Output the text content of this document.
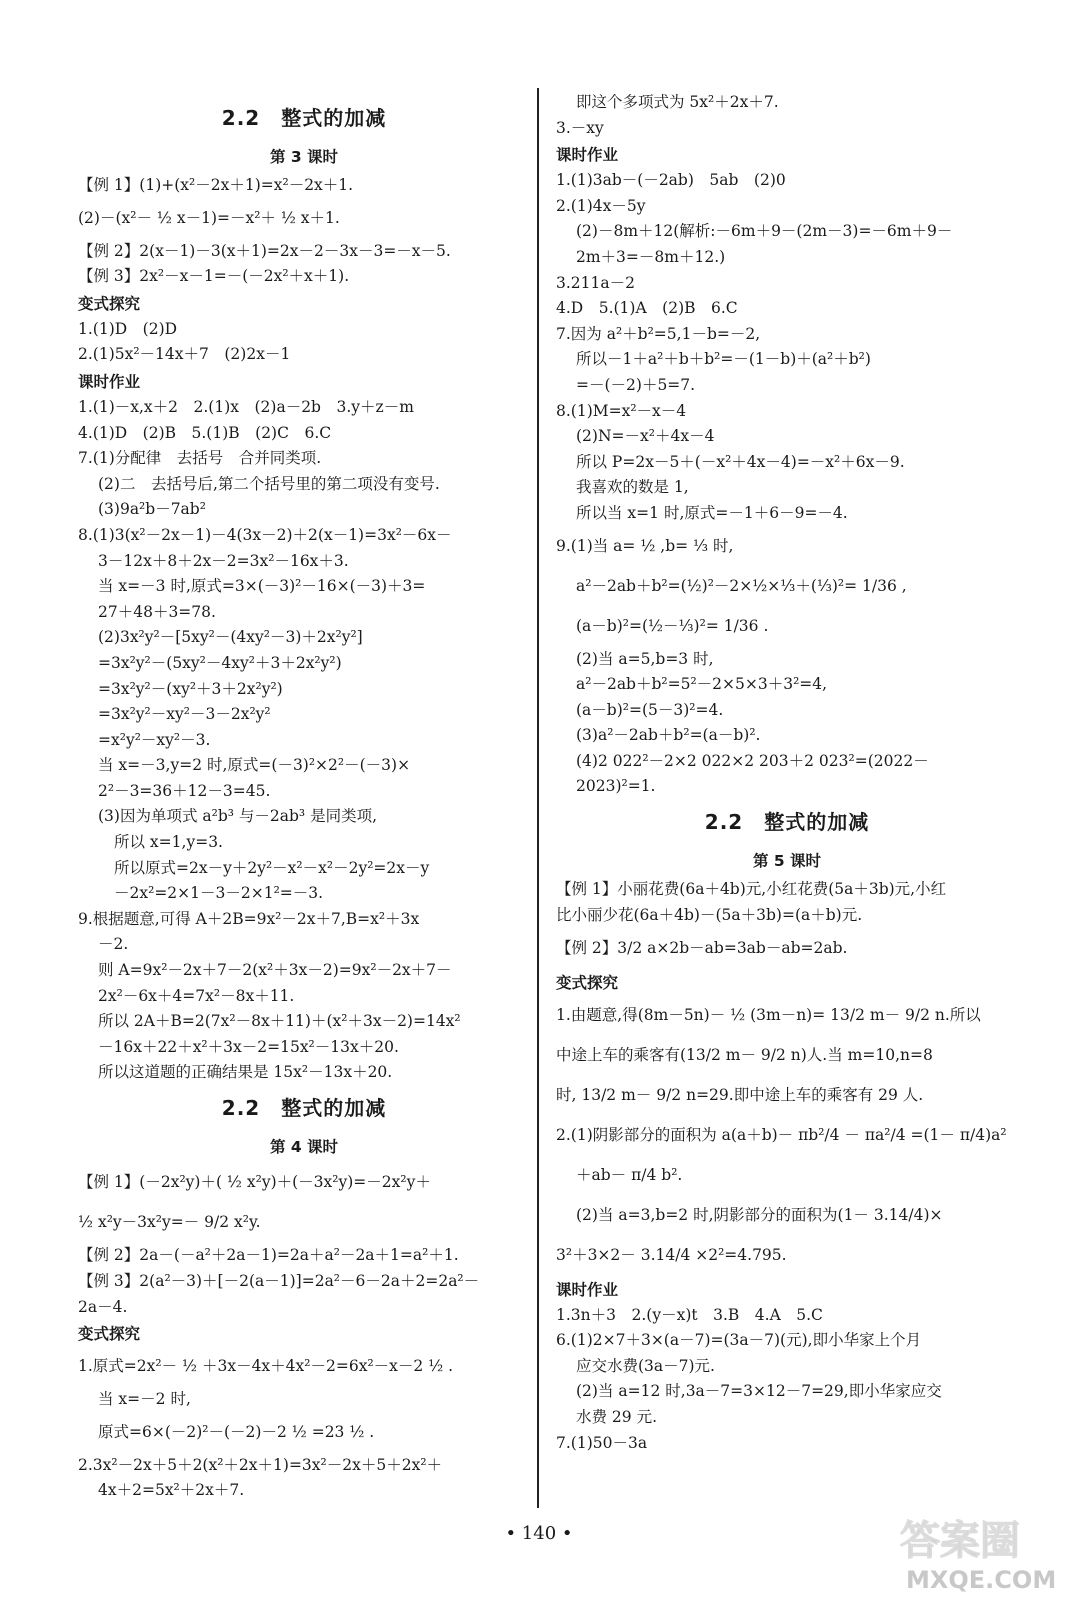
2.2　整式的加减
第 3 课时
【例 1】(1)+(x²－2x＋1)=x²－2x＋1.
(2)－(x²－ ½ x－1)=－x²＋ ½ x＋1.
【例 2】2(x－1)－3(x＋1)=2x－2－3x－3=－x－5.
【例 3】2x²－x－1=－(－2x²＋x＋1).
变式探究
1.(1)D　(2)D
2.(1)5x²－14x＋7　(2)2x－1
课时作业
1.(1)－x,x＋2　2.(1)x　(2)a－2b　3.y＋z－m
4.(1)D　(2)B　5.(1)B　(2)C　6.C
7.(1)分配律　去括号　合并同类项.
(2)二　去括号后,第二个括号里的第二项没有变号.
(3)9a²b－7ab²
8.(1)3(x²－2x－1)－4(3x－2)＋2(x－1)=3x²－6x－
3－12x＋8＋2x－2=3x²－16x＋3.
当 x=－3 时,原式=3×(－3)²－16×(－3)＋3=
27＋48＋3=78.
(2)3x²y²－[5xy²－(4xy²－3)＋2x²y²]
=3x²y²－(5xy²－4xy²＋3＋2x²y²)
=3x²y²－(xy²＋3＋2x²y²)
=3x²y²－xy²－3－2x²y²
=x²y²－xy²－3.
当 x=－3,y=2 时,原式=(－3)²×2²－(－3)×
2²－3=36＋12－3=45.
(3)因为单项式 a²b³ 与－2ab³ 是同类项,
所以 x=1,y=3.
所以原式=2x－y＋2y²－x²－x²－2y²=2x－y
－2x²=2×1－3－2×1²=－3.
9.根据题意,可得 A＋2B=9x²－2x＋7,B=x²＋3x
－2.
则 A=9x²－2x＋7－2(x²＋3x－2)=9x²－2x＋7－
2x²－6x＋4=7x²－8x＋11.
所以 2A＋B=2(7x²－8x＋11)＋(x²＋3x－2)=14x²
－16x＋22＋x²＋3x－2=15x²－13x＋20.
所以这道题的正确结果是 15x²－13x＋20.
2.2　整式的加减
第 4 课时
【例 1】(－2x²y)＋( ½ x²y)＋(－3x²y)=－2x²y＋
½ x²y－3x²y=－ 9/2 x²y.
【例 2】2a－(－a²＋2a－1)=2a＋a²－2a＋1=a²＋1.
【例 3】2(a²－3)＋[－2(a－1)]=2a²－6－2a＋2=2a²－
2a－4.
变式探究
1.原式=2x²－ ½ ＋3x－4x＋4x²－2=6x²－x－2 ½ .
当 x=－2 时,
原式=6×(－2)²－(－2)－2 ½ =23 ½ .
2.3x²－2x＋5＋2(x²＋2x＋1)=3x²－2x＋5＋2x²＋
4x＋2=5x²＋2x＋7.
即这个多项式为 5x²＋2x＋7.
3.－xy
课时作业
1.(1)3ab－(－2ab)　5ab　(2)0
2.(1)4x－5y
(2)－8m＋12(解析:－6m＋9－(2m－3)=－6m＋9－
2m＋3=－8m＋12.)
3.211a－2
4.D　5.(1)A　(2)B　6.C
7.因为 a²＋b²=5,1－b=－2,
所以－1＋a²＋b＋b²=－(1－b)＋(a²＋b²)
=－(－2)＋5=7.
8.(1)M=x²－x－4
(2)N=－x²＋4x－4
所以 P=2x－5＋(－x²＋4x－4)=－x²＋6x－9.
我喜欢的数是 1,
所以当 x=1 时,原式=－1＋6－9=－4.
9.(1)当 a= ½ ,b= ⅓ 时,
a²－2ab＋b²=(½)²－2×½×⅓＋(⅓)²= 1/36 ,
(a－b)²=(½－⅓)²= 1/36 .
(2)当 a=5,b=3 时,
a²－2ab＋b²=5²－2×5×3＋3²=4,
(a－b)²=(5－3)²=4.
(3)a²－2ab＋b²=(a－b)².
(4)2 022²－2×2 022×2 203＋2 023²=(2022－
2023)²=1.
2.2　整式的加减
第 5 课时
【例 1】小丽花费(6a＋4b)元,小红花费(5a＋3b)元,小红
比小丽少花(6a＋4b)－(5a＋3b)=(a＋b)元.
【例 2】3/2 a×2b－ab=3ab－ab=2ab.
变式探究
1.由题意,得(8m－5n)－ ½ (3m－n)= 13/2 m－ 9/2 n.所以
中途上车的乘客有(13/2 m－ 9/2 n)人.当 m=10,n=8
时, 13/2 m－ 9/2 n=29.即中途上车的乘客有 29 人.
2.(1)阴影部分的面积为 a(a＋b)－ πb²/4 － πa²/4 =(1－ π/4)a²
＋ab－ π/4 b².
(2)当 a=3,b=2 时,阴影部分的面积为(1－ 3.14/4)×
3²＋3×2－ 3.14/4 ×2²=4.795.
课时作业
1.3n＋3　2.(y－x)t　3.B　4.A　5.C
6.(1)2×7＋3×(a－7)=(3a－7)(元),即小华家上个月
应交水费(3a－7)元.
(2)当 a=12 时,3a－7=3×12－7=29,即小华家应交
水费 29 元.
7.(1)50－3a
• 140 •	答案圈
MXQE.COM
